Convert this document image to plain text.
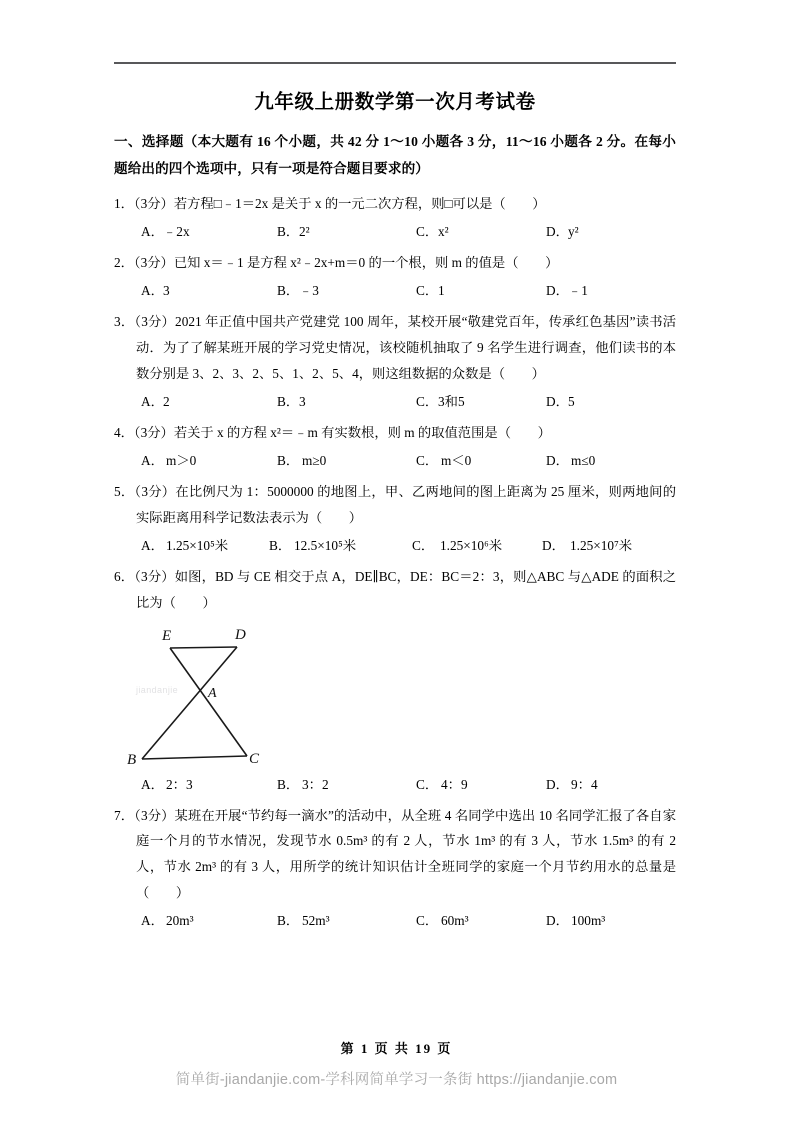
九年级上册数学第一次月考试卷
一、选择题（本大题有 16 个小题，共 42 分 1～10 小题各 3 分，11～16 小题各 2 分。在每小题给出的四个选项中，只有一项是符合题目要求的）
1．（3分）若方程□﹣1＝2x 是关于 x 的一元二次方程，则□可以是（　　）
A． ﹣2x	B． 2²	C． x²	D． y²
2．（3分）已知 x＝﹣1 是方程 x²﹣2x+m＝0 的一个根，则 m 的值是（　　）
A． 3	B． ﹣3	C． 1	D． ﹣1
3．（3分）2021 年正值中国共产党建党 100 周年，某校开展“敬建党百年，传承红色基因”读书活动．为了了解某班开展的学习党史情况，该校随机抽取了 9 名学生进行调查，他们读书的本数分别是 3、2、3、2、5、1、2、5、4，则这组数据的众数是（　　）
A． 2	B． 3	C． 3和5	D． 5
4．（3分）若关于 x 的方程 x²＝﹣m 有实数根，则 m 的取值范围是（　　）
A． m＞0	B． m≥0	C． m＜0	D． m≤0
5．（3分）在比例尺为 1：5000000 的地图上，甲、乙两地间的图上距离为 25 厘米，则两地间的实际距离用科学记数法表示为（　　）
A． 1.25×10⁵米	B． 12.5×10⁵米	C． 1.25×10⁶米	D． 1.25×10⁷米
6．（3分）如图，BD 与 CE 相交于点 A，DE∥BC，DE：BC＝2：3，则△ABC 与△ADE 的面积之比为（　　）
jiandanjie
E	D
A
B	C
A． 2：3	B． 3：2	C． 4：9	D． 9：4
7．（3分）某班在开展“节约每一滴水”的活动中，从全班 4 名同学中选出 10 名同学汇报了各自家庭一个月的节水情况，发现节水 0.5m³ 的有 2 人，节水 1m³ 的有 3 人，节水 1.5m³ 的有 2 人，节水 2m³ 的有 3 人，用所学的统计知识估计全班同学的家庭一个月节约用水的总量是（　　）
A． 20m³	B． 52m³	C． 60m³	D． 100m³
第 1 页 共 19 页
简单街-jiandanjie.com-学科网简单学习一条街 https://jiandanjie.com
